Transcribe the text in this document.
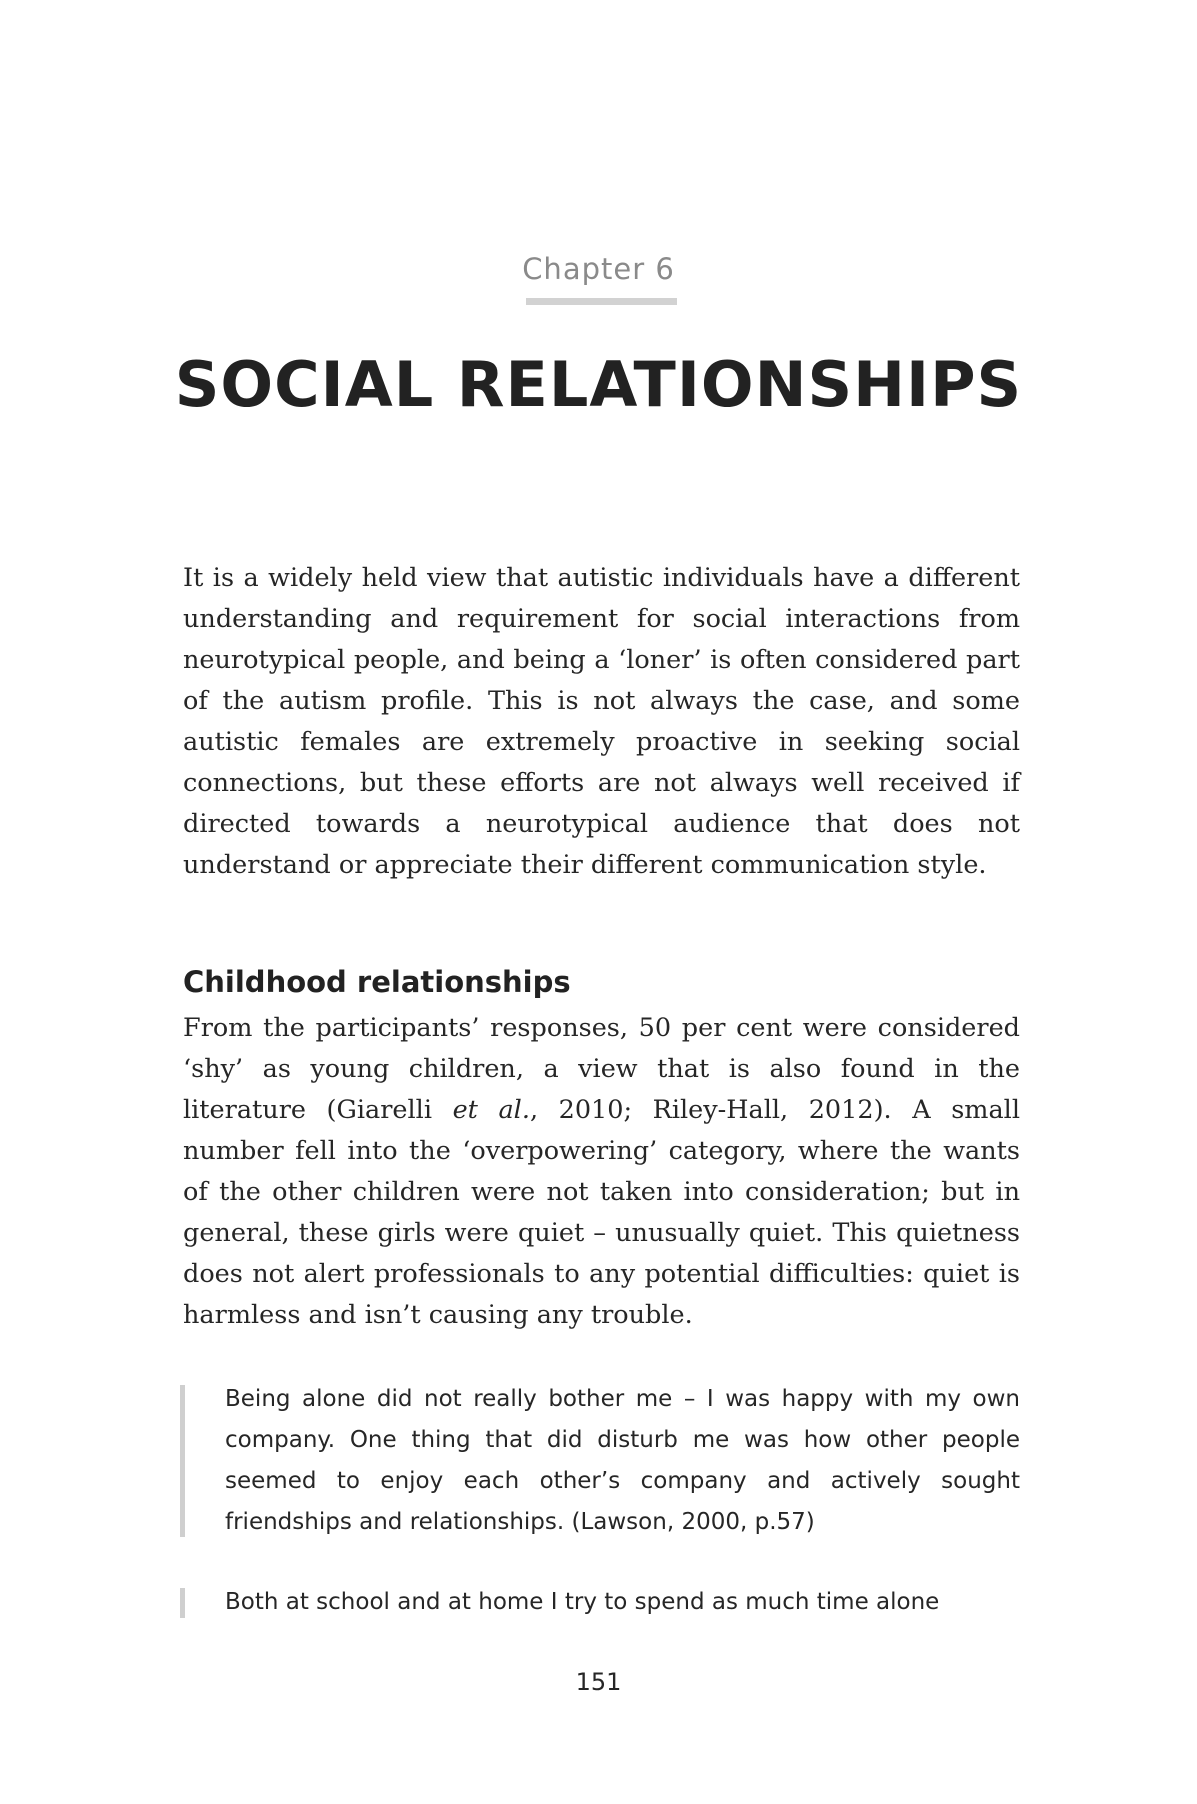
Chapter 6
SOCIAL RELATIONSHIPS

It is a widely held view that autistic individuals have a different understanding and requirement for social interactions from neurotypical people, and being a ‘loner’ is often considered part of the autism profile. This is not always the case, and some autistic females are extremely proactive in seeking social connections, but these efforts are not always well received if directed towards a neurotypical audience that does not understand or appreciate their different communication style.

Childhood relationships

From the participants’ responses, 50 per cent were considered ‘shy’ as young children, a view that is also found in the literature (Giarelli et al., 2010; Riley-Hall, 2012). A small number fell into the ‘overpowering’ category, where the wants of the other children were not taken into consideration; but in general, these girls were quiet – unusually quiet. This quietness does not alert professionals to any potential difficulties: quiet is harmless and isn’t causing any trouble.

Being alone did not really bother me – I was happy with my own company. One thing that did disturb me was how other people seemed to enjoy each other’s company and actively sought friendships and relationships. (Lawson, 2000, p.57)

Both at school and at home I try to spend as much time alone

151
